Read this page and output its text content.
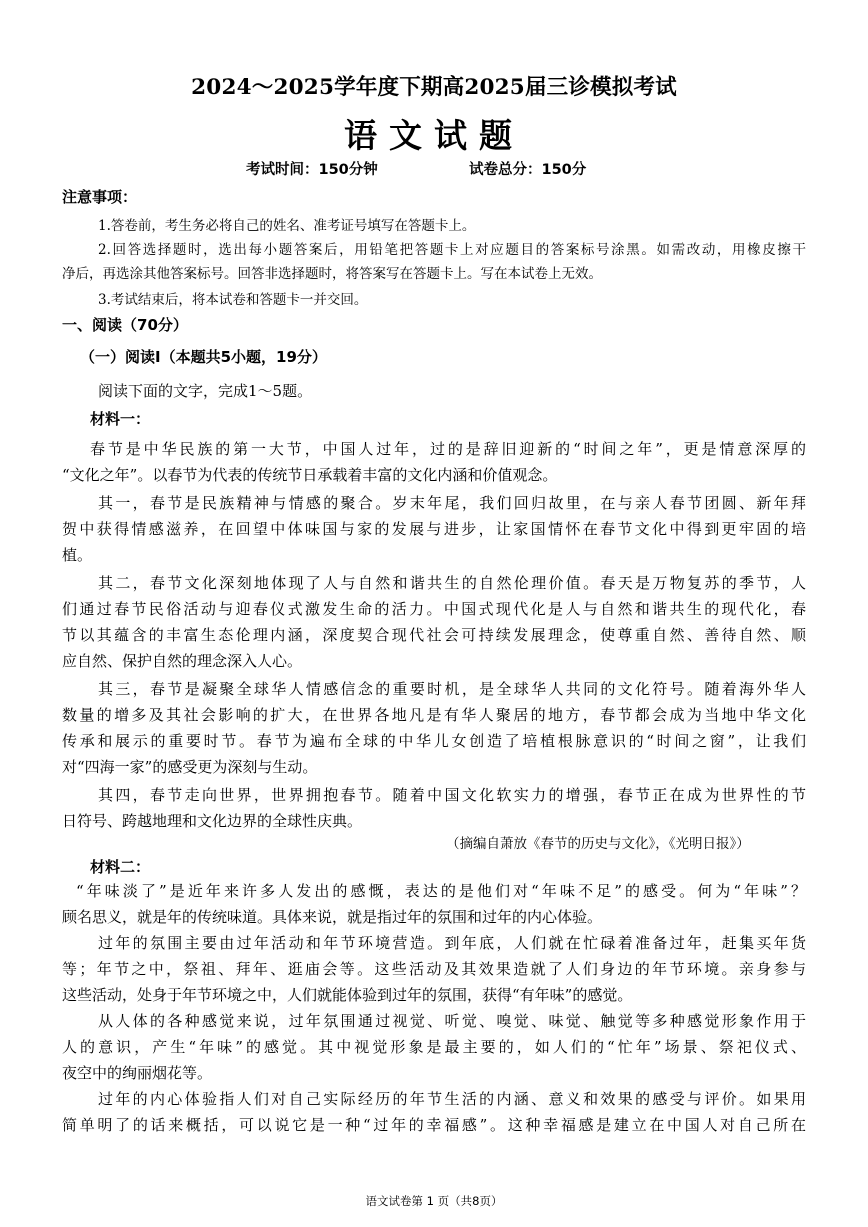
2024～2025学年度下期高2025届三诊模拟考试
语文试题
考试时间：150分钟	试卷总分：150分
注意事项：
1.答卷前，考生务必将自己的姓名、准考证号填写在答题卡上。
2.回答选择题时，选出每小题答案后，用铅笔把答题卡上对应题目的答案标号涂黑。如需改动，用橡皮擦干
净后，再选涂其他答案标号。回答非选择题时，将答案写在答题卡上。写在本试卷上无效。
3.考试结束后，将本试卷和答题卡一并交回。
一、阅读（70分）
（一）阅读Ⅰ（本题共5小题，19分）
阅读下面的文字，完成1～5题。
材料一：
春节是中华民族的第一大节，中国人过年，过的是辞旧迎新的“时间之年”，更是情意深厚的
“文化之年”。以春节为代表的传统节日承载着丰富的文化内涵和价值观念。
其一，春节是民族精神与情感的聚合。岁末年尾，我们回归故里，在与亲人春节团圆、新年拜
贺中获得情感滋养，在回望中体味国与家的发展与进步，让家国情怀在春节文化中得到更牢固的培
植。
其二，春节文化深刻地体现了人与自然和谐共生的自然伦理价值。春天是万物复苏的季节，人
们通过春节民俗活动与迎春仪式激发生命的活力。中国式现代化是人与自然和谐共生的现代化，春
节以其蕴含的丰富生态伦理内涵，深度契合现代社会可持续发展理念，使尊重自然、善待自然、顺
应自然、保护自然的理念深入人心。
其三，春节是凝聚全球华人情感信念的重要时机，是全球华人共同的文化符号。随着海外华人
数量的增多及其社会影响的扩大，在世界各地凡是有华人聚居的地方，春节都会成为当地中华文化
传承和展示的重要时节。春节为遍布全球的中华儿女创造了培植根脉意识的“时间之窗”，让我们
对“四海一家”的感受更为深刻与生动。
其四，春节走向世界，世界拥抱春节。随着中国文化软实力的增强，春节正在成为世界性的节
日符号、跨越地理和文化边界的全球性庆典。
（摘编自萧放《春节的历史与文化》，《光明日报》）
材料二：
“年味淡了”是近年来许多人发出的感慨，表达的是他们对“年味不足”的感受。何为“年味”？
顾名思义，就是年的传统味道。具体来说，就是指过年的氛围和过年的内心体验。
过年的氛围主要由过年活动和年节环境营造。到年底，人们就在忙碌着准备过年，赶集买年货
等；年节之中，祭祖、拜年、逛庙会等。这些活动及其效果造就了人们身边的年节环境。亲身参与
这些活动，处身于年节环境之中，人们就能体验到过年的氛围，获得“有年味”的感觉。
从人体的各种感觉来说，过年氛围通过视觉、听觉、嗅觉、味觉、触觉等多种感觉形象作用于
人的意识，产生“年味”的感觉。其中视觉形象是最主要的，如人们的“忙年”场景、祭祀仪式、
夜空中的绚丽烟花等。
过年的内心体验指人们对自己实际经历的年节生活的内涵、意义和效果的感受与评价。如果用
简单明了的话来概括，可以说它是一种“过年的幸福感”。这种幸福感是建立在中国人对自己所在
语文试卷第 1 页（共8页）
